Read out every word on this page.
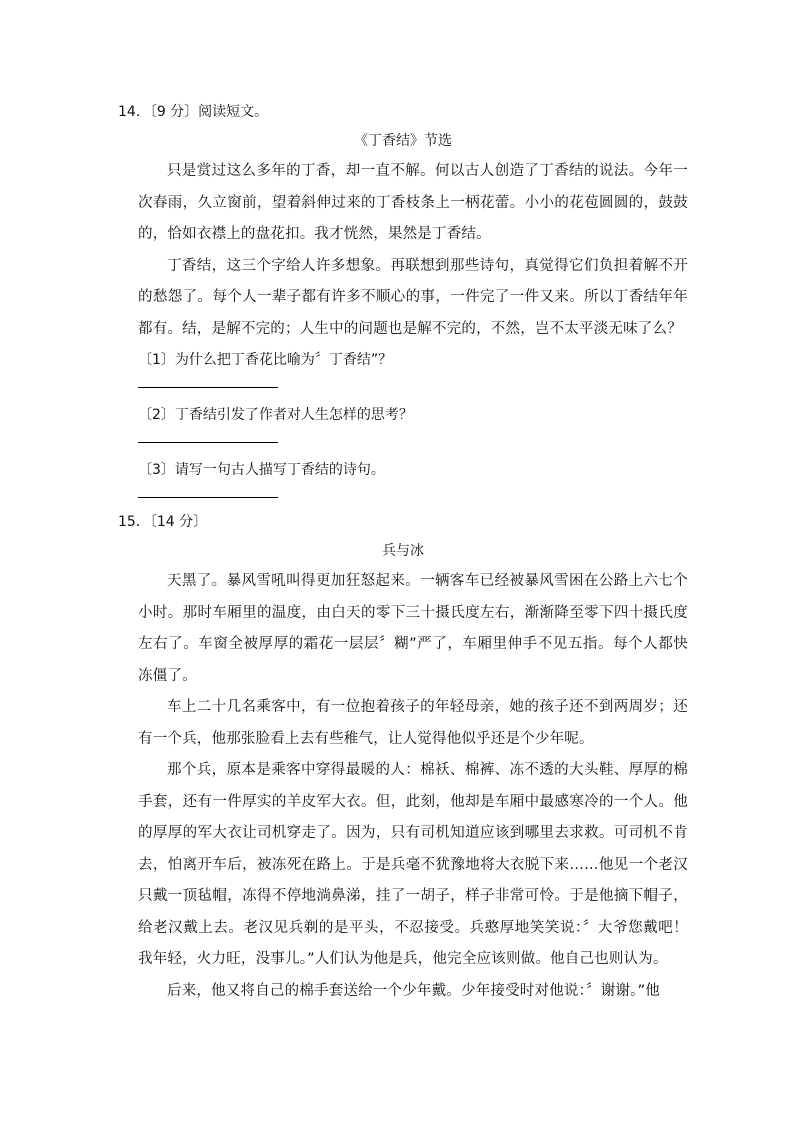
14．〔9 分〕阅读短文。

《丁香结》节选

只是赏过这么多年的丁香，却一直不解。何以古人创造了丁香结的说法。今年一次春雨，久立窗前，望着斜伸过来的丁香枝条上一柄花蕾。小小的花苞圆圆的，鼓鼓的，恰如衣襟上的盘花扣。我才恍然，果然是丁香结。

丁香结，这三个字给人许多想象。再联想到那些诗句，真觉得它们负担着解不开的愁怨了。每个人一辈子都有许多不顺心的事，一件完了一件又来。所以丁香结年年都有。结，是解不完的；人生中的问题也是解不完的，不然，岂不太平淡无味了么？

〔1〕为什么把丁香花比喻为〞丁香结”？

〔2〕丁香结引发了作者对人生怎样的思考？

〔3〕请写一句古人描写丁香结的诗句。

15．〔14 分〕

兵与冰

天黑了。暴风雪吼叫得更加狂怒起来。一辆客车已经被暴风雪困在公路上六七个小时。那时车厢里的温度，由白天的零下三十摄氏度左右，渐渐降至零下四十摄氏度左右了。车窗全被厚厚的霜花一层层〞糊”严了，车厢里伸手不见五指。每个人都快冻僵了。

车上二十几名乘客中，有一位抱着孩子的年轻母亲，她的孩子还不到两周岁；还有一个兵，他那张脸看上去有些稚气，让人觉得他似乎还是个少年呢。

那个兵，原本是乘客中穿得最暖的人：棉袄、棉裤、冻不透的大头鞋、厚厚的棉手套，还有一件厚实的羊皮军大衣。但，此刻，他却是车厢中最感寒冷的一个人。他的厚厚的军大衣让司机穿走了。因为，只有司机知道应该到哪里去求救。可司机不肯去，怕离开车后，被冻死在路上。于是兵毫不犹豫地将大衣脱下来……他见一个老汉只戴一顶毡帽，冻得不停地淌鼻涕，挂了一胡子，样子非常可怜。于是他摘下帽子，给老汉戴上去。老汉见兵剃的是平头，不忍接受。兵憨厚地笑笑说：〞大爷您戴吧！我年轻，火力旺，没事儿。”人们认为他是兵，他完全应该则做。他自己也则认为。

后来，他又将自己的棉手套送给一个少年戴。少年接受时对他说：〞谢谢。”他
